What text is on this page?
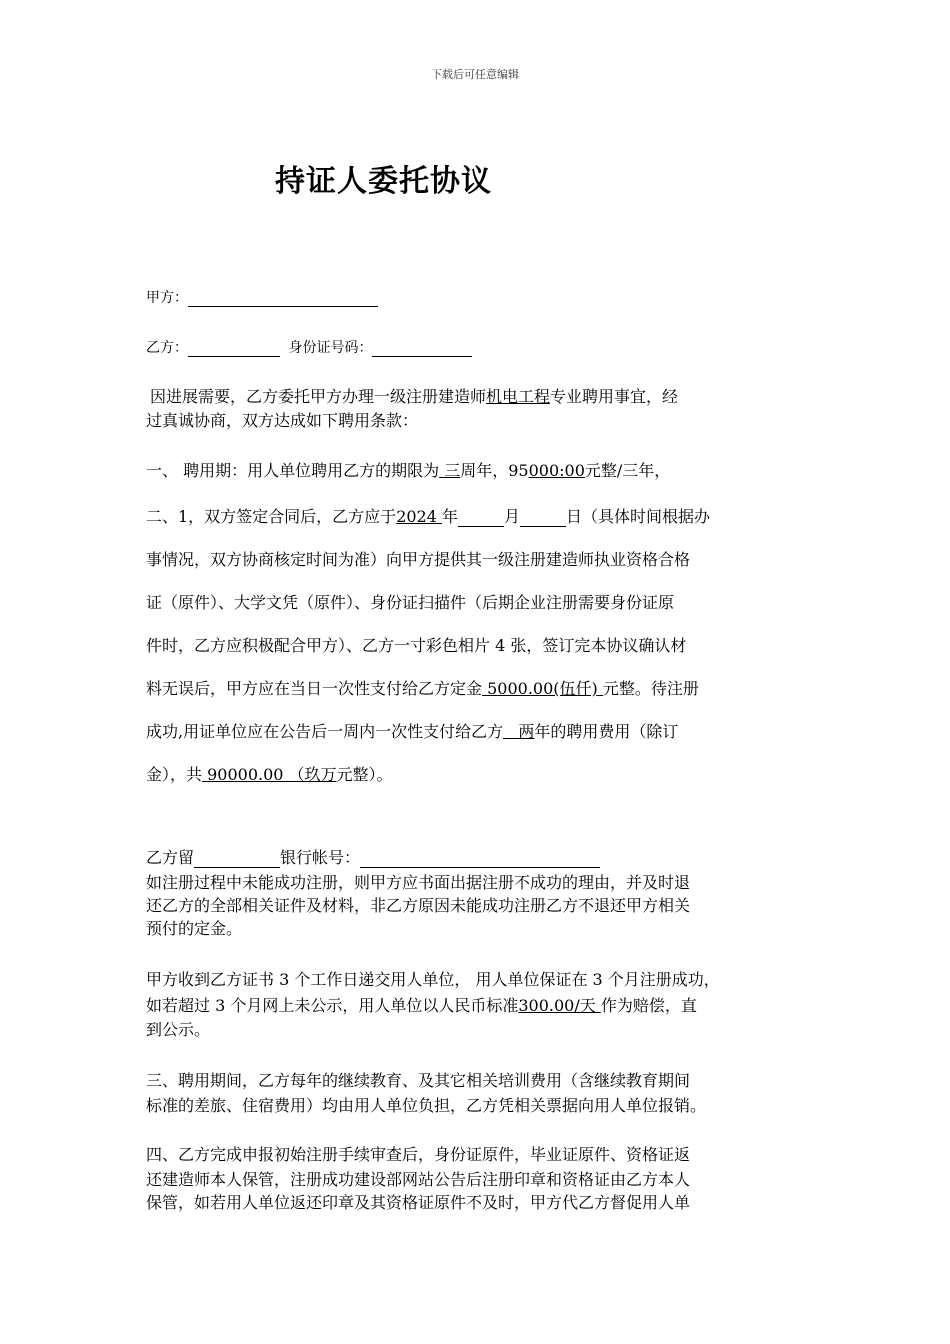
下载后可任意编辑
持证人委托协议
甲方：
乙方：	身份证号码：
因进展需要，乙方委托甲方办理一级注册建造师机电工程专业聘用事宜，经
过真诚协商，双方达成如下聘用条款：
一、 聘用期：用人单位聘用乙方的期限为 三周年，95000:00元整/三年，
二、1，双方签定合同后，乙方应于2024 年	月	日（具体时间根据办
事情况，双方协商核定时间为准）向甲方提供其一级注册建造师执业资格合格
证（原件）、大学文凭（原件）、身份证扫描件（后期企业注册需要身份证原
件时，乙方应积极配合甲方）、乙方一寸彩色相片 4 张，签订完本协议确认材
料无误后，甲方应在当日一次性支付给乙方定金 5000.00(伍仟) 元整。待注册
成功,用证单位应在公告后一周内一次性支付给乙方 两年的聘用费用（除订
金），共 90000.00 （玖万元整）。
乙方留	银行帐号：
如注册过程中未能成功注册，则甲方应书面出据注册不成功的理由，并及时退
还乙方的全部相关证件及材料，非乙方原因未能成功注册乙方不退还甲方相关
预付的定金。
甲方收到乙方证书 3 个工作日递交用人单位， 用人单位保证在 3 个月注册成功，
如若超过 3 个月网上未公示，用人单位以人民币标准300.00/天 作为赔偿，直
到公示。
三、聘用期间，乙方每年的继续教育、及其它相关培训费用（含继续教育期间
标准的差旅、住宿费用）均由用人单位负担，乙方凭相关票据向用人单位报销。
四、乙方完成申报初始注册手续审查后，身份证原件，毕业证原件、资格证返
还建造师本人保管，注册成功建设部网站公告后注册印章和资格证由乙方本人
保管，如若用人单位返还印章及其资格证原件不及时，甲方代乙方督促用人单
